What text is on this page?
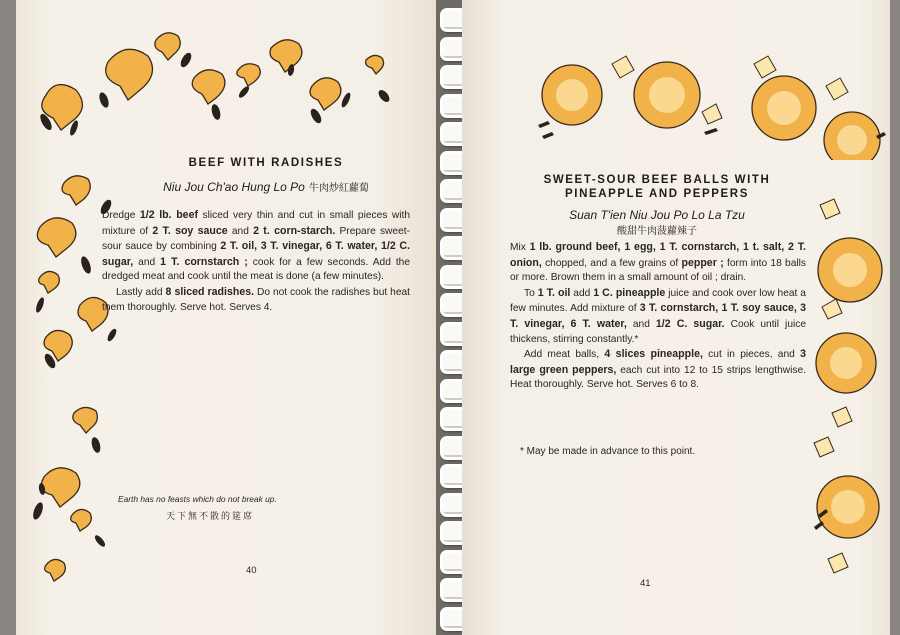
BEEF WITH RADISHES
Niu Jou Ch'ao Hung Lo Po 牛肉炒紅蘿蔔

Dredge 1/2 lb. beef sliced very thin and cut in small pieces with mixture of 2 T. soy sauce and 2 t. corn-starch. Prepare sweet-sour sauce by combining 2 T. oil, 3 T. vinegar, 6 T. water, 1/2 C. sugar, and 1 T. cornstarch ; cook for a few seconds. Add the dredged meat and cook until the meat is done (a few minutes).

Lastly add 8 sliced radishes. Do not cook the radishes but heat them thoroughly. Serve hot. Serves 4.

Earth has no feasts which do not break up.
天下無不散的筵席
40
SWEET-SOUR BEEF BALLS WITH
PINEAPPLE AND PEPPERS
Suan T'ien Niu Jou Po Lo La Tzu
酸甜牛肉菠蘿辣子

Mix 1 lb. ground beef, 1 egg, 1 T. cornstarch, 1 t. salt, 2 T. onion, chopped, and a few grains of pepper ; form into 18 balls or more. Brown them in a small amount of oil ; drain.

To 1 T. oil add 1 C. pineapple juice and cook over low heat a few minutes. Add mixture of 3 T. cornstarch, 1 T. soy sauce, 3 T. vinegar, 6 T. water, and 1/2 C. sugar. Cook until juice thickens, stirring constantly.*

Add meat balls, 4 slices pineapple, cut in pieces, and 3 large green peppers, each cut into 12 to 15 strips lengthwise. Heat thoroughly. Serve hot. Serves 6 to 8.

* May be made in advance to this point.
41
